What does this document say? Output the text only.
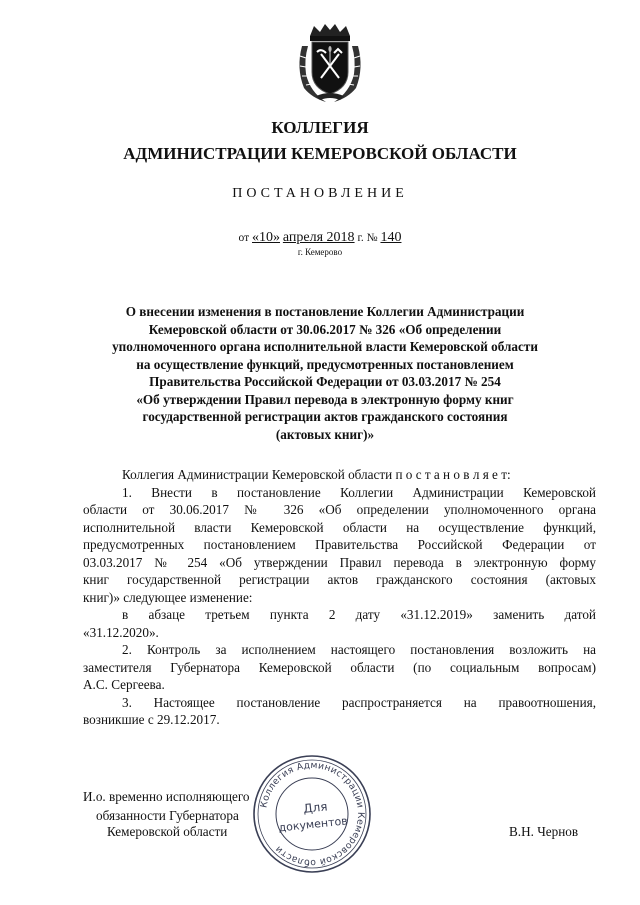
КОЛЛЕГИЯ
АДМИНИСТРАЦИИ КЕМЕРОВСКОЙ ОБЛАСТИ
ПОСТАНОВЛЕНИЕ
от «10» апреля 2018 г. № 140
г. Кемерово
О внесении изменения в постановление Коллегии Администрации
Кемеровской области от 30.06.2017 № 326 «Об определении
уполномоченного органа исполнительной власти Кемеровской области
на осуществление функций, предусмотренных постановлением
Правительства Российской Федерации от 03.03.2017 № 254
«Об утверждении Правил перевода в электронную форму книг
государственной регистрации актов гражданского состояния
(актовых книг)»
Коллегия Администрации Кемеровской области п о с т а н о в л я е т:
1. Внести в постановление Коллегии Администрации Кемеровской
области от 30.06.2017 № 326 «Об определении уполномоченного органа
исполнительной власти Кемеровской области на осуществление функций,
предусмотренных постановлением Правительства Российской Федерации от
03.03.2017 № 254 «Об утверждении Правил перевода в электронную форму
книг государственной регистрации актов гражданского состояния (актовых
книг)» следующее изменение:
в абзаце третьем пункта 2 дату «31.12.2019» заменить датой
«31.12.2020».
2. Контроль за исполнением настоящего постановления возложить на
заместителя Губернатора Кемеровской области (по социальным вопросам)
А.С. Сергеева.
3. Настоящее постановление распространяется на правоотношения,
возникшие с 29.12.2017.
И.о. временно исполняющего
обязанности Губернатора
Кемеровской области	В.Н. Чернов
Коллегия Администрации Кемеровской области
Для
документов
